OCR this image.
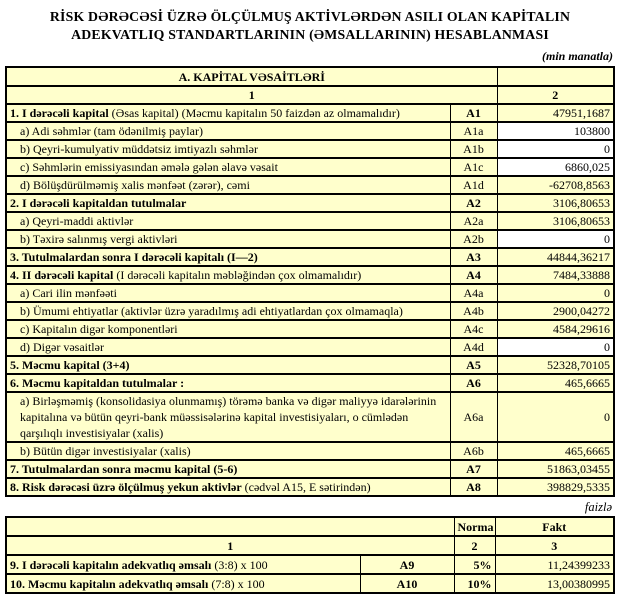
RİSK DƏRƏCƏSİ ÜZRƏ ÖLÇÜLMUŞ AKTİVLƏRDƏN ASILI OLAN KAPİTALIN
ADEKVATLIQ STANDARTLARININ (ƏMSALLARININ) HESABLANMASI
(min manatla)
A. KAPİTAL VƏSAİTLƏRİ		
1		2
1. I dərəcəli kapital (Əsas kapital) (Məcmu kapitalın 50 faizdən az olmamalıdır)	A1	47951,1687
a) Adi səhmlər (tam ödənilmiş paylar)	A1a	103800
b) Qeyri-kumulyativ müddətsiz imtiyazlı səhmlər	A1b	0
c) Səhmlərin emissiyasından əmələ gələn əlavə vəsait	A1c	6860,025
d) Bölüşdürülməmiş xalis mənfəət (zərər), cəmi	A1d	-62708,8563
2. I dərəcəli kapitaldan tutulmalar	A2	3106,80653
a) Qeyri-maddi aktivlər	A2a	3106,80653
b) Təxirə salınmış vergi aktivləri	A2b	0
3. Tutulmalardan sonra I dərəcəli kapitalı (I—2)	A3	44844,36217
4. II dərəcəli kapital (I dərəcəli kapitalın məbləğindən çox olmamalıdır)	A4	7484,33888
a) Cari ilin mənfəəti	A4a	0
b) Ümumi ehtiyatlar (aktivlər üzrə yaradılmış adi ehtiyatlardan çox olmamaqla)	A4b	2900,04272
c) Kapitalın digər komponentləri	A4c	4584,29616
d) Digər vəsaitlər	A4d	0
5. Məcmu kapital (3+4)	A5	52328,70105
6. Məcmu kapitaldan tutulmalar :	A6	465,6665
a) Birləşməmiş (konsolidasiya olunmamış) törəmə banka və digər maliyyə idarələrinin kapitalına və bütün qeyri-bank müəssisələrinə kapital investisiyaları, o cümlədən qarşılıqlı investisiyalar (xalis)	A6a	0
b) Bütün digər investisiyalar (xalis)	A6b	465,6665
7. Tutulmalardan sonra məcmu kapital (5-6)	A7	51863,03455
8. Risk dərəcəsi üzrə ölçülmuş yekun aktivlər (cədvəl A15, E sətirindən)	A8	398829,5335
faizlə
		Norma	Fakt
1		2	3
9. I dərəcəli kapitalın adekvatlıq əmsalı (3:8) x 100	A9	5%	11,24399233
10. Məcmu kapitalın adekvatlıq əmsalı (7:8) x 100	A10	10%	13,00380995
